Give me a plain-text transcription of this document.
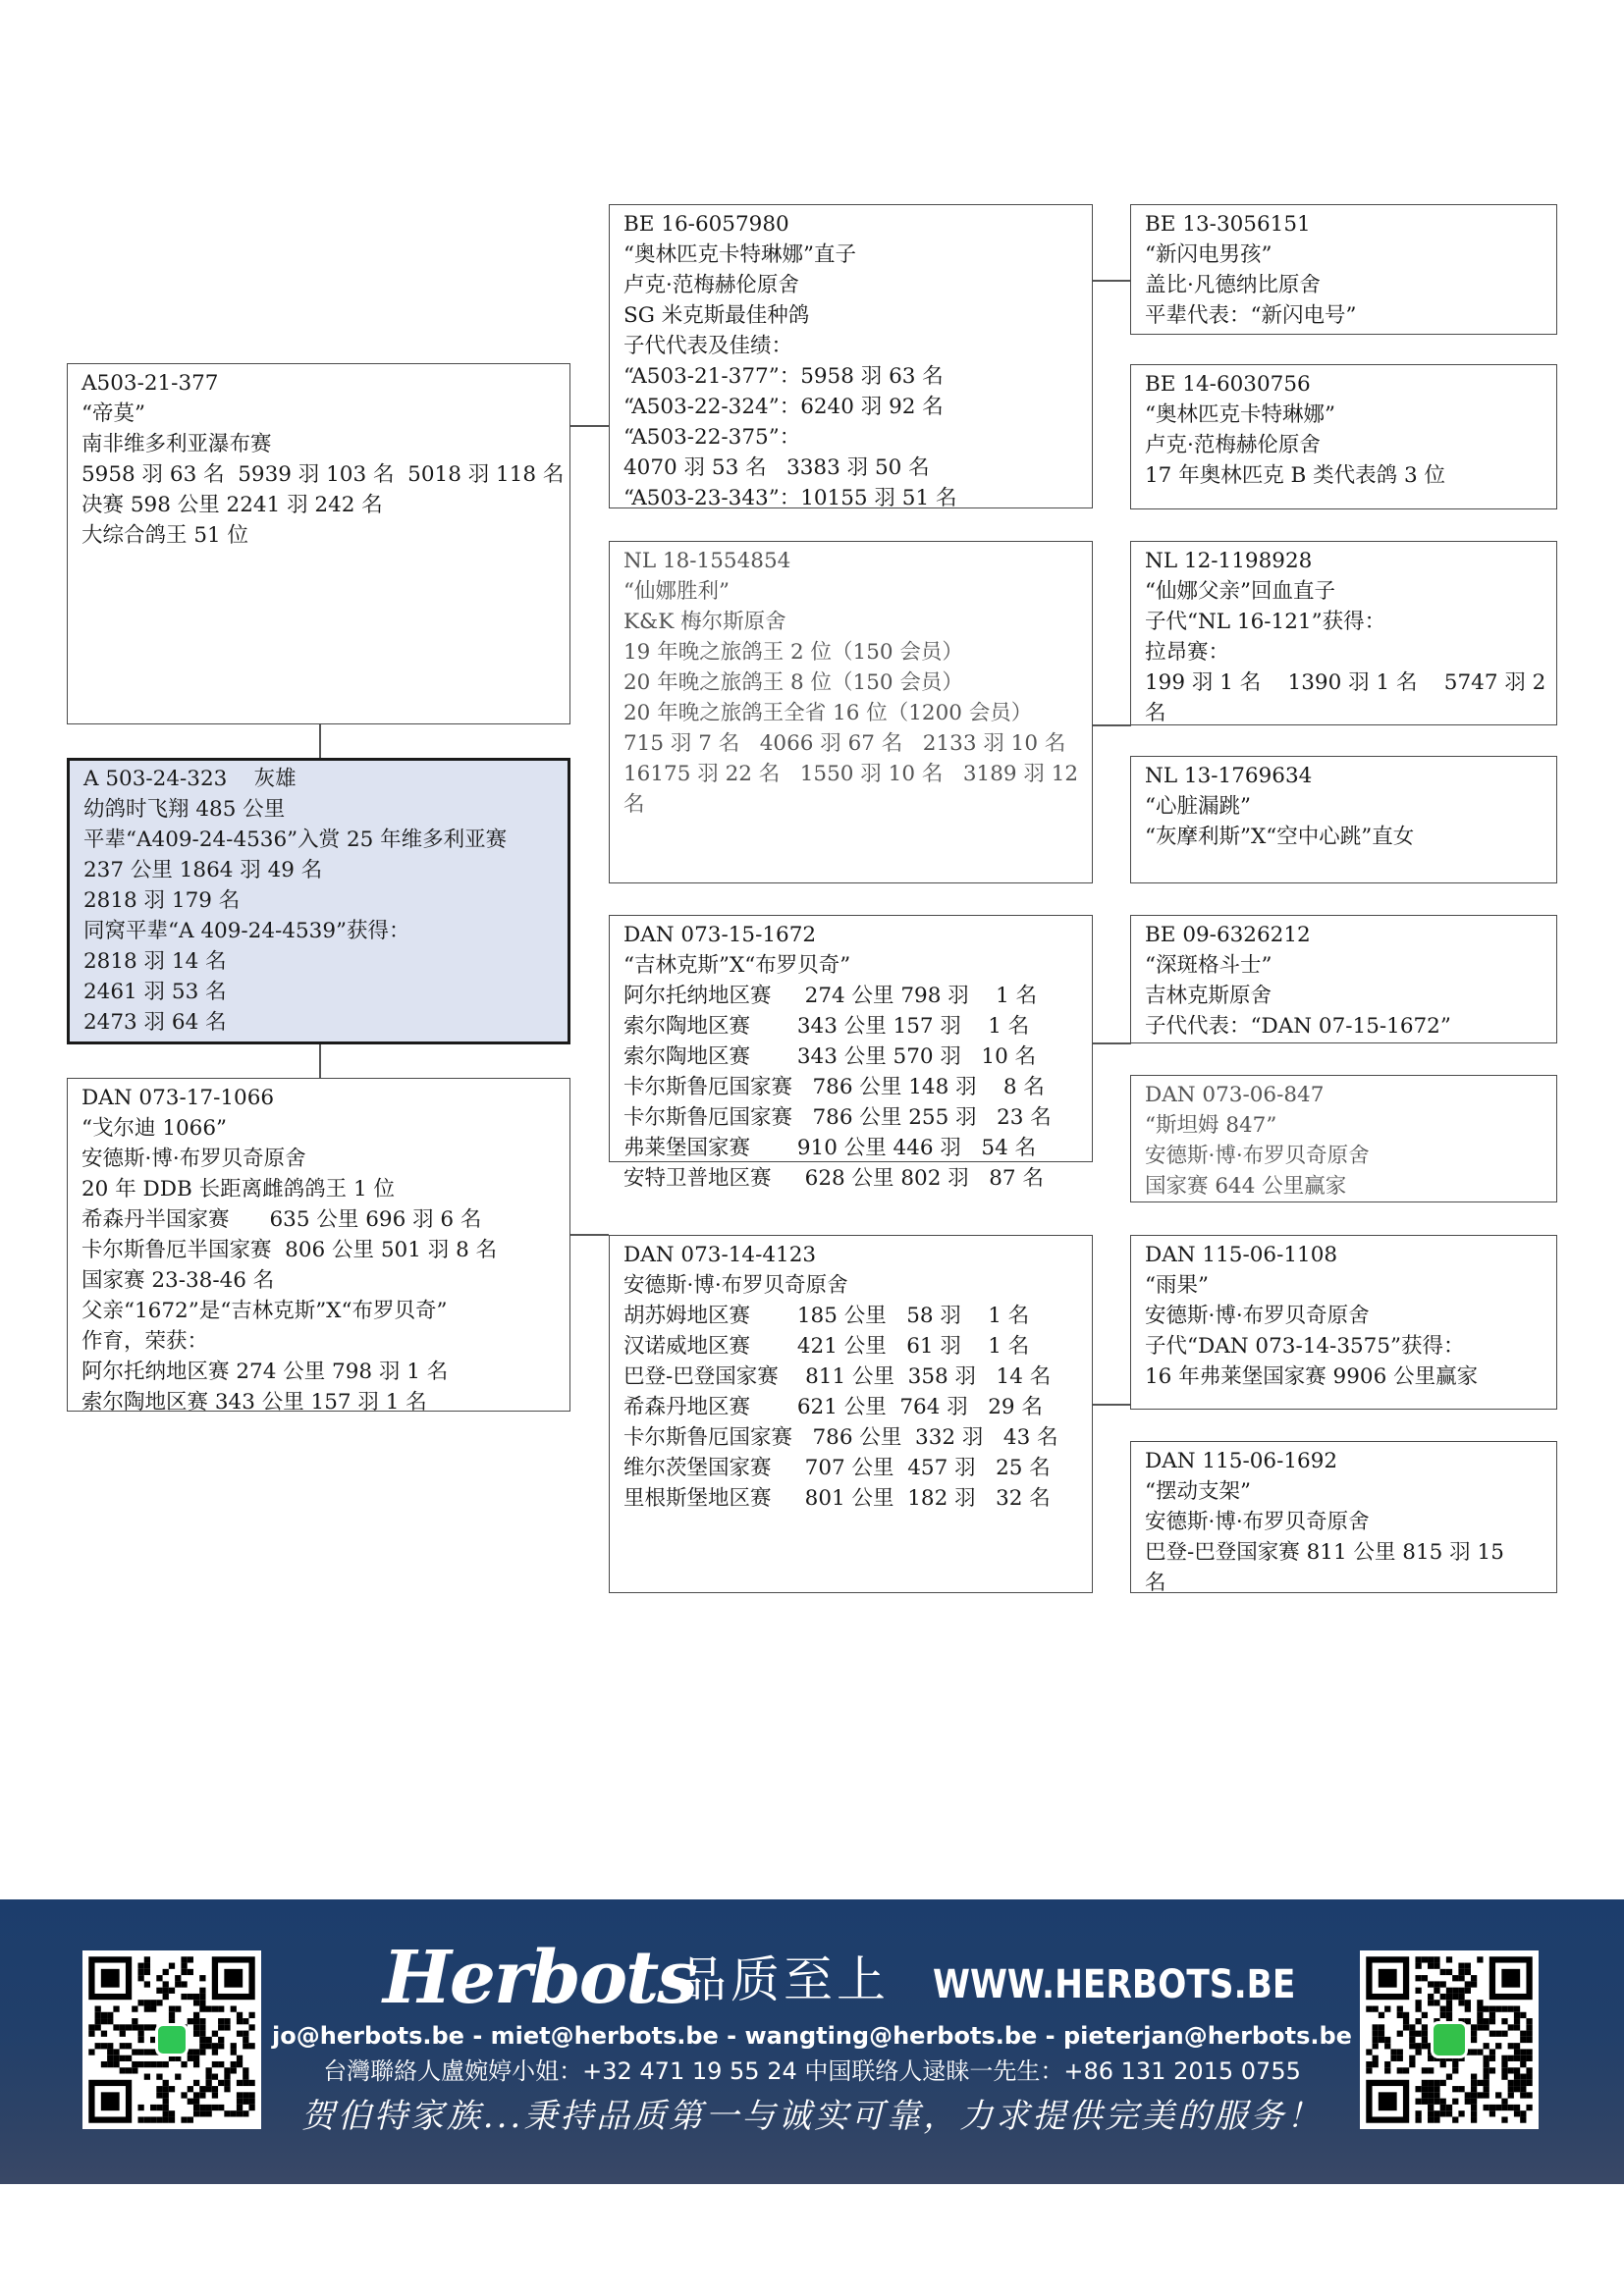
A503-21-377
“帝莫”
南非维多利亚瀑布赛
5958 羽 63 名  5939 羽 103 名  5018 羽 118 名
决赛 598 公里 2241 羽 242 名
大综合鸽王 51 位
A 503-24-323    灰雄
幼鸽时飞翔 485 公里
平辈“A409-24-4536”入赏 25 年维多利亚赛
237 公里 1864 羽 49 名
2818 羽 179 名
同窝平辈“A 409-24-4539”获得：
2818 羽 14 名
2461 羽 53 名
2473 羽 64 名
DAN 073-17-1066
“戈尔迪 1066”
安德斯·博·布罗贝奇原舍
20 年 DDB 长距离雌鸽鸽王 1 位
希森丹半国家赛      635 公里 696 羽 6 名
卡尔斯鲁厄半国家赛  806 公里 501 羽 8 名
国家赛 23-38-46 名
父亲“1672”是“吉林克斯”X“布罗贝奇”
作育，荣获：
阿尔托纳地区赛 274 公里 798 羽 1 名
索尔陶地区赛 343 公里 157 羽 1 名
BE 16-6057980
“奥林匹克卡特琳娜”直子
卢克·范梅赫伦原舍
SG 米克斯最佳种鸽
子代代表及佳绩：
“A503-21-377”：5958 羽 63 名
“A503-22-324”：6240 羽 92 名
“A503-22-375”：
4070 羽 53 名   3383 羽 50 名
“A503-23-343”：10155 羽 51 名
NL 18-1554854
“仙娜胜利”
K&K 梅尔斯原舍
19 年晚之旅鸽王 2 位（150 会员）
20 年晚之旅鸽王 8 位（150 会员）
20 年晚之旅鸽王全省 16 位（1200 会员）
715 羽 7 名   4066 羽 67 名   2133 羽 10 名
16175 羽 22 名   1550 羽 10 名   3189 羽 12
名
DAN 073-15-1672
“吉林克斯”X“布罗贝奇”
阿尔托纳地区赛     274 公里 798 羽    1 名
索尔陶地区赛       343 公里 157 羽    1 名
索尔陶地区赛       343 公里 570 羽   10 名
卡尔斯鲁厄国家赛   786 公里 148 羽    8 名
卡尔斯鲁厄国家赛   786 公里 255 羽   23 名
弗莱堡国家赛       910 公里 446 羽   54 名
安特卫普地区赛     628 公里 802 羽   87 名
DAN 073-14-4123
安德斯·博·布罗贝奇原舍
胡苏姆地区赛       185 公里   58 羽    1 名
汉诺威地区赛       421 公里   61 羽    1 名
巴登-巴登国家赛    811 公里  358 羽   14 名
希森丹地区赛       621 公里  764 羽   29 名
卡尔斯鲁厄国家赛   786 公里  332 羽   43 名
维尔茨堡国家赛     707 公里  457 羽   25 名
里根斯堡地区赛     801 公里  182 羽   32 名
BE 13-3056151
“新闪电男孩”
盖比·凡德纳比原舍
平辈代表：“新闪电号”
BE 14-6030756
“奥林匹克卡特琳娜”
卢克·范梅赫伦原舍
17 年奥林匹克 B 类代表鸽 3 位
NL 12-1198928
“仙娜父亲”回血直子
子代“NL 16-121”获得：
拉昂赛：
199 羽 1 名    1390 羽 1 名    5747 羽 2
名
NL 13-1769634
“心脏漏跳”
“灰摩利斯”X“空中心跳”直女
BE 09-6326212
“深斑格斗士”
吉林克斯原舍
子代代表：“DAN 07-15-1672”
DAN 073-06-847
“斯坦姆 847”
安德斯·博·布罗贝奇原舍
国家赛 644 公里赢家
DAN 115-06-1108
“雨果”
安德斯·博·布罗贝奇原舍
子代“DAN 073-14-3575”获得：
16 年弗莱堡国家赛 9906 公里赢家
DAN 115-06-1692
“摆动支架”
安德斯·博·布罗贝奇原舍
巴登-巴登国家赛 811 公里 815 羽 15
名
Herbots
品质至上 WWW.HERBOTS.BE
jo@herbots.be - miet@herbots.be - wangting@herbots.be - pieterjan@herbots.be
台灣聯絡人盧婉婷小姐：+32 471 19 55 24 中国联络人逯睐一先生：+86 131 2015 0755
贺伯特家族...秉持品质第一与诚实可靠，力求提供完美的服务！
